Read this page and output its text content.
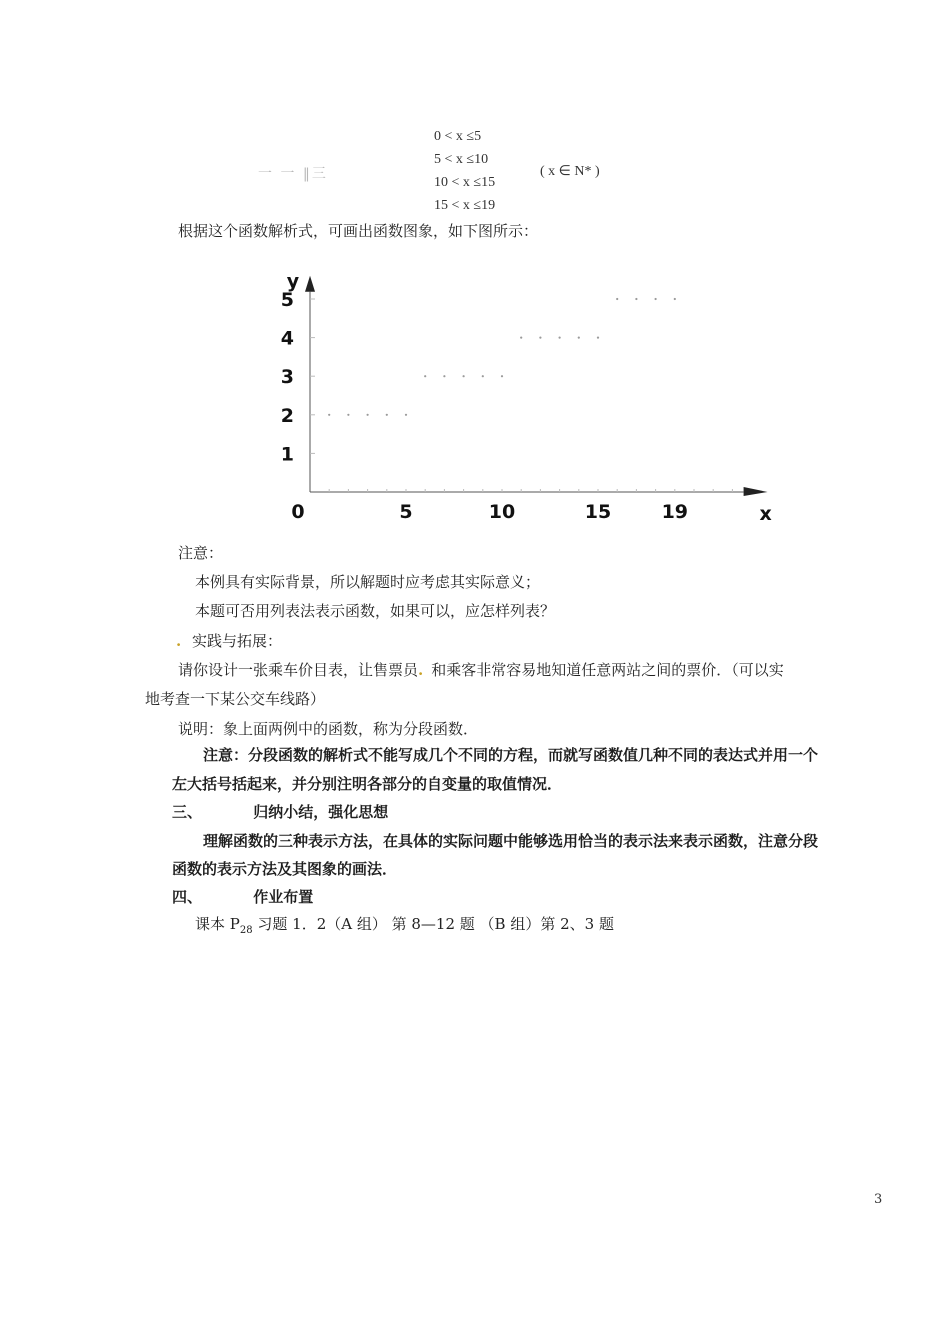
一 一 ‖三
0 < x ≤5
5 < x ≤10
10 < x ≤15
15 < x ≤19
( x ∈ N* )
根据这个函数解析式，可画出函数图象，如下图所示：
1
2
3
4
5
5	10	15	19
0	x
y
注意：
本例具有实际背景，所以解题时应考虑其实际意义；
本题可否用列表法表示函数，如果可以，应怎样列表？
. 实践与拓展：
请你设计一张乘车价目表，让售票员. 和乘客非常容易地知道任意两站之间的票价．（可以实
地考查一下某公交车线路）
说明：象上面两例中的函数，称为分段函数．
注意：分段函数的解析式不能写成几个不同的方程，而就写函数值几种不同的表达式并用一个
左大括号括起来，并分别注明各部分的自变量的取值情况．
三、	归纳小结，强化思想
理解函数的三种表示方法，在具体的实际问题中能够选用恰当的表示法来表示函数，注意分段
函数的表示方法及其图象的画法．
四、	作业布置
课本 $P_{28}$ 习题 1．2（A 组） 第 8—12 题 （B 组）第 2、3 题
3
